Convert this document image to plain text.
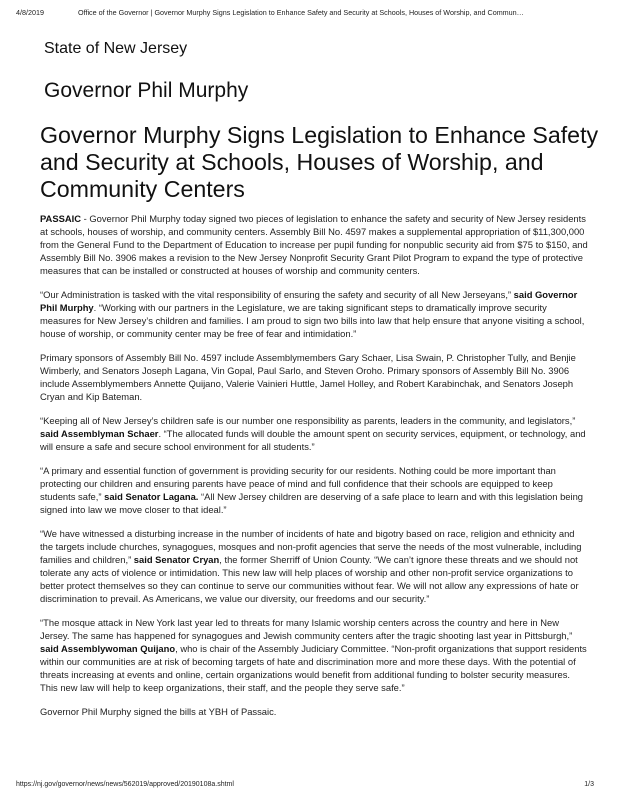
4/8/2019	Office of the Governor | Governor Murphy Signs Legislation to Enhance Safety and Security at Schools, Houses of Worship, and Commun…
State of New Jersey
Governor Phil Murphy
Governor Murphy Signs Legislation to Enhance Safety and Security at Schools, Houses of Worship, and Community Centers

PASSAIC - Governor Phil Murphy today signed two pieces of legislation to enhance the safety and security of New Jersey residents at schools, houses of worship, and community centers. Assembly Bill No. 4597 makes a supplemental appropriation of $11,300,000 from the General Fund to the Department of Education to increase per pupil funding for nonpublic security aid from $75 to $150, and Assembly Bill No. 3906 makes a revision to the New Jersey Nonprofit Security Grant Pilot Program to expand the type of protective measures that can be installed or constructed at houses of worship and community centers.

“Our Administration is tasked with the vital responsibility of ensuring the safety and security of all New Jerseyans,” said Governor Phil Murphy. “Working with our partners in the Legislature, we are taking significant steps to dramatically improve security measures for New Jersey’s children and families. I am proud to sign two bills into law that help ensure that anyone visiting a school, house of worship, or community center may be free of fear and intimidation.”

Primary sponsors of Assembly Bill No. 4597 include Assemblymembers Gary Schaer, Lisa Swain, P. Christopher Tully, and Benjie Wimberly, and Senators Joseph Lagana, Vin Gopal, Paul Sarlo, and Steven Oroho. Primary sponsors of Assembly Bill No. 3906 include Assemblymembers Annette Quijano, Valerie Vainieri Huttle, Jamel Holley, and Robert Karabinchak, and Senators Joseph Cryan and Kip Bateman.

“Keeping all of New Jersey’s children safe is our number one responsibility as parents, leaders in the community, and legislators,” said Assemblyman Schaer. “The allocated funds will double the amount spent on security services, equipment, or technology, and will ensure a safe and secure school environment for all students.”

“A primary and essential function of government is providing security for our residents. Nothing could be more important than protecting our children and ensuring parents have peace of mind and full confidence that their schools are equipped to keep students safe,” said Senator Lagana. “All New Jersey children are deserving of a safe place to learn and with this legislation being signed into law we move closer to that ideal.”

“We have witnessed a disturbing increase in the number of incidents of hate and bigotry based on race, religion and ethnicity and the targets include churches, synagogues, mosques and non-profit agencies that serve the needs of the most vulnerable, including families and children,” said Senator Cryan, the former Sherriff of Union County. “We can’t ignore these threats and we should not tolerate any acts of violence or intimidation. This new law will help places of worship and other non-profit service organizations to better protect themselves so they can continue to serve our communities without fear. We will not allow any expressions of hate or discrimination to prevail. As Americans, we value our diversity, our freedoms and our security.”

“The mosque attack in New York last year led to threats for many Islamic worship centers across the country and here in New Jersey. The same has happened for synagogues and Jewish community centers after the tragic shooting last year in Pittsburgh,” said Assemblywoman Quijano, who is chair of the Assembly Judiciary Committee. “Non-profit organizations that support residents within our communities are at risk of becoming targets of hate and discrimination more and more these days. With the potential of threats increasing at events and online, certain organizations would benefit from additional funding to bolster security measures. This new law will help to keep organizations, their staff, and the people they serve safe.”

Governor Phil Murphy signed the bills at YBH of Passaic.

https://nj.gov/governor/news/news/562019/approved/20190108a.shtml	1/3
